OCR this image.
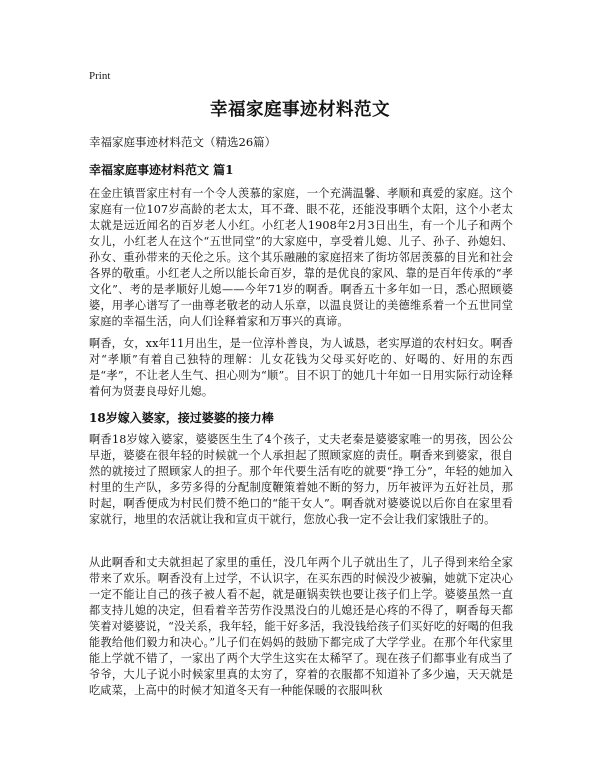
Print
幸福家庭事迹材料范文
幸福家庭事迹材料范文（精选26篇）
幸福家庭事迹材料范文 篇1
在金庄镇晋家庄村有一个令人羡慕的家庭，一个充满温馨、孝顺和真爱的家庭。这个家庭有一位107岁高龄的老太太，耳不聋、眼不花，还能没事晒个太阳，这个小老太太就是远近闻名的百岁老人小红。小红老人1908年2月3日出生，有一个儿子和两个女儿，小红老人在这个“五世同堂”的大家庭中，享受着儿媳、儿子、孙子、孙媳妇、孙女、重孙带来的天伦之乐。这个其乐融融的家庭招来了街坊邻居羡慕的目光和社会各界的敬重。小红老人之所以能长命百岁，靠的是优良的家风、靠的是百年传承的“孝文化”、考的是孝顺好儿媳——今年71岁的啊香。啊香五十多年如一日，悉心照顾婆婆，用孝心谱写了一曲尊老敬老的动人乐章，以温良贤让的美德维系着一个五世同堂家庭的幸福生活，向人们诠释着家和万事兴的真谛。
啊香，女，xx年11月出生，是一位淳朴善良，为人诚恳，老实厚道的农村妇女。啊香对“孝顺”有着自己独特的理解：儿女花钱为父母买好吃的、好喝的、好用的东西是“孝”，不让老人生气、担心则为“顺”。目不识丁的她几十年如一日用实际行动诠释着何为贤妻良母好儿媳。
18岁嫁入婆家，接过婆婆的接力棒
啊香18岁嫁入婆家，婆婆医生生了4个孩子，丈夫老秦是婆婆家唯一的男孩，因公公早逝，婆婆在很年轻的时候就一个人承担起了照顾家庭的责任。啊香来到婆家，很自然的就接过了照顾家人的担子。那个年代要生活有吃的就要“挣工分”，年轻的她加入村里的生产队，多劳多得的分配制度鞭策着她不断的努力，历年被评为五好社员，那时起，啊香便成为村民们赞不绝口的“能干女人”。啊香就对婆婆说以后你自在家里看家就行，地里的农活就让我和宣贞干就行，您放心我一定不会让我们家饿肚子的。
从此啊香和丈夫就担起了家里的重任，没几年两个儿子就出生了，儿子得到来给全家带来了欢乐。啊香没有上过学，不认识字，在买东西的时候没少被骗，她就下定决心一定不能让自己的孩子被人看不起，就是砸锅卖铁也要让孩子们上学。婆婆虽然一直都支持儿媳的决定，但看着辛苦劳作没黑没白的儿媳还是心疼的不得了，啊香每天都笑着对婆婆说，“没关系，我年轻，能干好多活，我没钱给孩子们买好吃的好喝的但我能教给他们毅力和决心。”儿子们在妈妈的鼓励下都完成了大学学业。在那个年代家里能上学就不错了，一家出了两个大学生这实在太稀罕了。现在孩子们都事业有成当了爷爷，大儿子说小时候家里真的太穷了，穿着的衣服都不知道补了多少遍，天天就是吃咸菜，上高中的时候才知道冬天有一种能保暖的衣服叫秋
